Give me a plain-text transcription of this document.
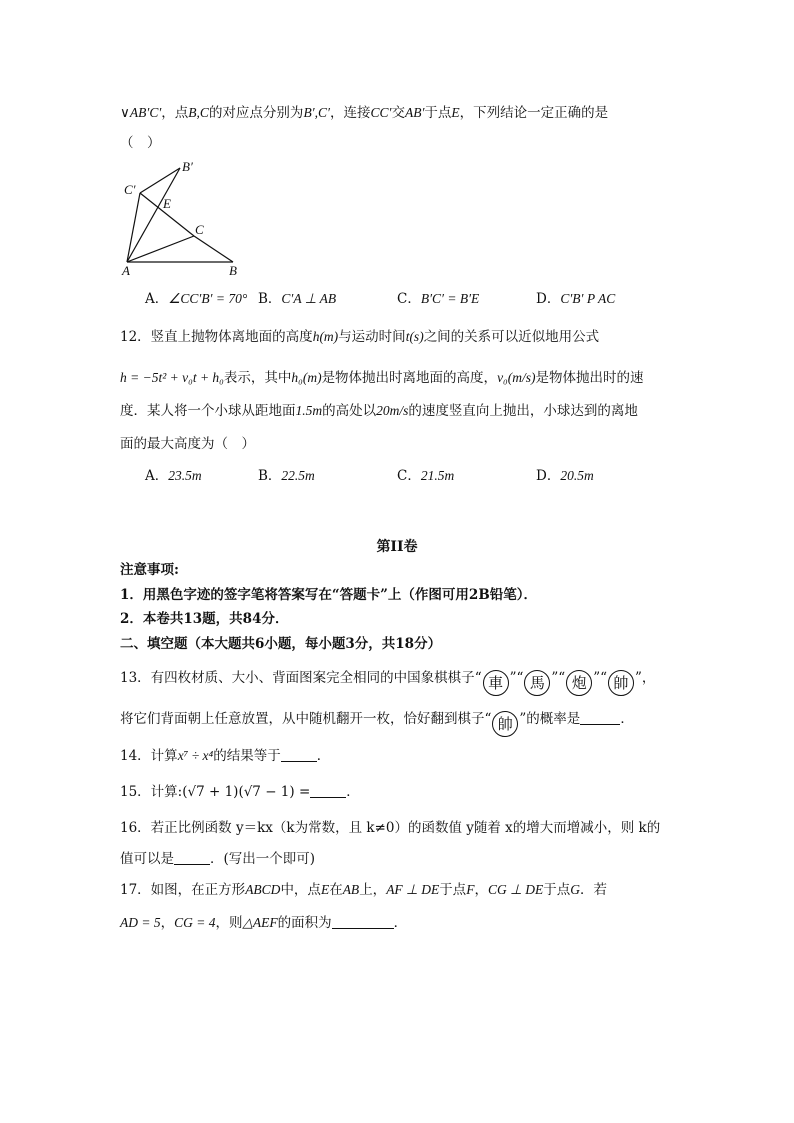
∨AB′C′，点B,C的对应点分别为B′,C′，连接CC′交AB′于点E，下列结论一定正确的是
（　）
A	B
C
B′
C′
E
A．∠CC′B′ = 70° B．C′A ⊥ AB	C．B′C′ = B′E	D．C′B′ P AC
12．竖直上抛物体离地面的高度h(m)与运动时间t(s)之间的关系可以近似地用公式
h = −5t² + v₀t + h₀表示，其中h₀(m)是物体抛出时离地面的高度，v₀(m/s)是物体抛出时的速
度．某人将一个小球从距地面1.5m的高处以20m/s的速度竖直向上抛出，小球达到的离地
面的最大高度为（　）
A．23.5m	B．22.5m	C．21.5m	D．20.5m
第II卷
注意事项:
1．用黑色字迹的签字笔将答案写在“答题卡”上（作图可用2B铅笔）．
2．本卷共13题，共84分．
二、填空题（本大题共6小题，每小题3分，共18分）
13．有四枚材质、大小、背面图案完全相同的中国象棋棋子“ 車 ”“ 馬 ”“ 炮 ”“ 帥 ”，
将它们背面朝上任意放置，从中随机翻开一枚，恰好翻到棋子“ 帥 ”的概率是	．
14．计算x⁷ ÷ x⁴的结果等于	．
15．计算:(√7 + 1)(√7 − 1) =	．
16．若正比例函数 y＝kx（k为常数，且 k≠0）的函数值 y随着 x的增大而增减小，则 k的
值可以是	．(写出一个即可)
17．如图，在正方形ABCD中，点E在AB上，AF ⊥ DE于点F，CG ⊥ DE于点G．若
AD = 5，CG = 4，则△AEF的面积为	．
